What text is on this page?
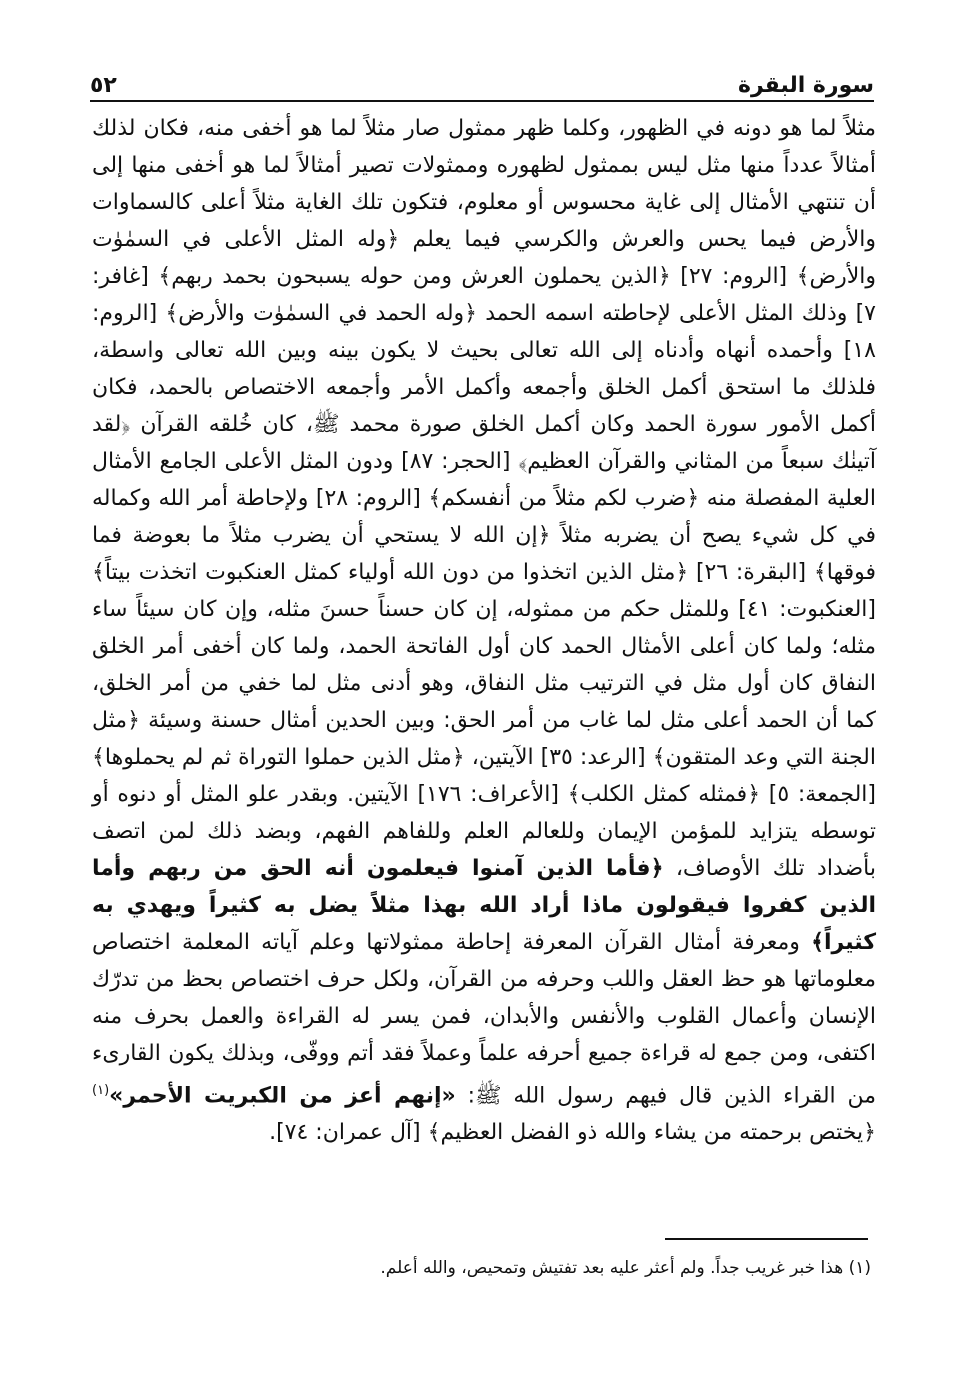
٥٢	سورة البقرة

مثلاً لما هو دونه في الظهور، وكلما ظهر ممثول صار مثلاً لما هو أخفى منه، فكان لذلك أمثالاً عدداً منها مثل ليس بممثول لظهوره وممثولات تصير أمثالاً لما هو أخفى منها إلى أن تنتهي الأمثال إلى غاية محسوس أو معلوم، فتكون تلك الغاية مثلاً أعلى كالسماوات والأرض فيما يحس والعرش والكرسي فيما يعلم ﴿وله المثل الأعلى في السمٰوٰت والأرض﴾ [الروم: ٢٧] ﴿الذين يحملون العرش ومن حوله يسبحون بحمد ربهم﴾ [غافر: ٧] وذلك المثل الأعلى لإحاطته اسمه الحمد ﴿وله الحمد في السمٰوٰت والأرض﴾ [الروم: ١٨] وأحمده أنهاه وأدناه إلى الله تعالى بحيث لا يكون بينه وبين الله تعالى واسطة، فلذلك ما استحق أكمل الخلق وأجمعه وأكمل الأمر وأجمعه الاختصاص بالحمد، فكان أكمل الأمور سورة الحمد وكان أكمل الخلق صورة محمد ﷺ، كان خُلقه القرآن ﴿لقد آتينٰك سبعاً من المثاني والقرآن العظيم﴾ [الحجر: ٨٧] ودون المثل الأعلى الجامع الأمثال العلية المفصلة منه ﴿ضرب لكم مثلاً من أنفسكم﴾ [الروم: ٢٨] ولإحاطة أمر الله وكماله في كل شيء يصح أن يضربه مثلاً ﴿إن الله لا يستحي أن يضرب مثلاً ما بعوضة فما فوقها﴾ [البقرة: ٢٦] ﴿مثل الذين اتخذوا من دون الله أولياء كمثل العنكبوت اتخذت بيتاً﴾ [العنكبوت: ٤١] وللمثل حكم من ممثوله، إن كان حسناً حسنَ مثله، وإن كان سيئاً ساء مثله؛ ولما كان أعلى الأمثال الحمد كان أول الفاتحة الحمد، ولما كان أخفى أمر الخلق النفاق كان أول مثل في الترتيب مثل النفاق، وهو أدنى مثل لما خفي من أمر الخلق، كما أن الحمد أعلى مثل لما غاب من أمر الحق: وبين الحدين أمثال حسنة وسيئة ﴿مثل الجنة التي وعد المتقون﴾ [الرعد: ٣٥] الآيتين، ﴿مثل الذين حملوا التوراة ثم لم يحملوها﴾ [الجمعة: ٥] ﴿فمثله كمثل الكلب﴾ [الأعراف: ١٧٦] الآيتين. وبقدر علو المثل أو دنوه أو توسطه يتزايد للمؤمن الإيمان وللعالم العلم وللفاهم الفهم، وبضد ذلك لمن اتصف بأضداد تلك الأوصاف، ﴿فأما الذين آمنوا فيعلمون أنه الحق من ربهم وأما الذين كفروا فيقولون ماذا أراد الله بهذا مثلاً يضل به كثيراً ويهدي به كثيراً﴾ ومعرفة أمثال القرآن المعرفة إحاطة ممثولاتها وعلم آياته المعلمة اختصاص معلوماتها هو حظ العقل واللب وحرفه من القرآن، ولكل حرف اختصاص بحظ من تدرّك الإنسان وأعمال القلوب والأنفس والأبدان، فمن يسر له القراءة والعمل بحرف منه اكتفى، ومن جمع له قراءة جميع أحرفه علماً وعملاً فقد أتم ووفّى، وبذلك يكون القارىء من القراء الذين قال فيهم رسول الله ﷺ: «إنهم أعز من الكبريت الأحمر»$^{(١)}$ ﴿يختص برحمته من يشاء والله ذو الفضل العظيم﴾ [آل عمران: ٧٤].

(١) هذا خبر غريب جداً. ولم أعثر عليه بعد تفتيش وتمحيص، والله أعلم.
